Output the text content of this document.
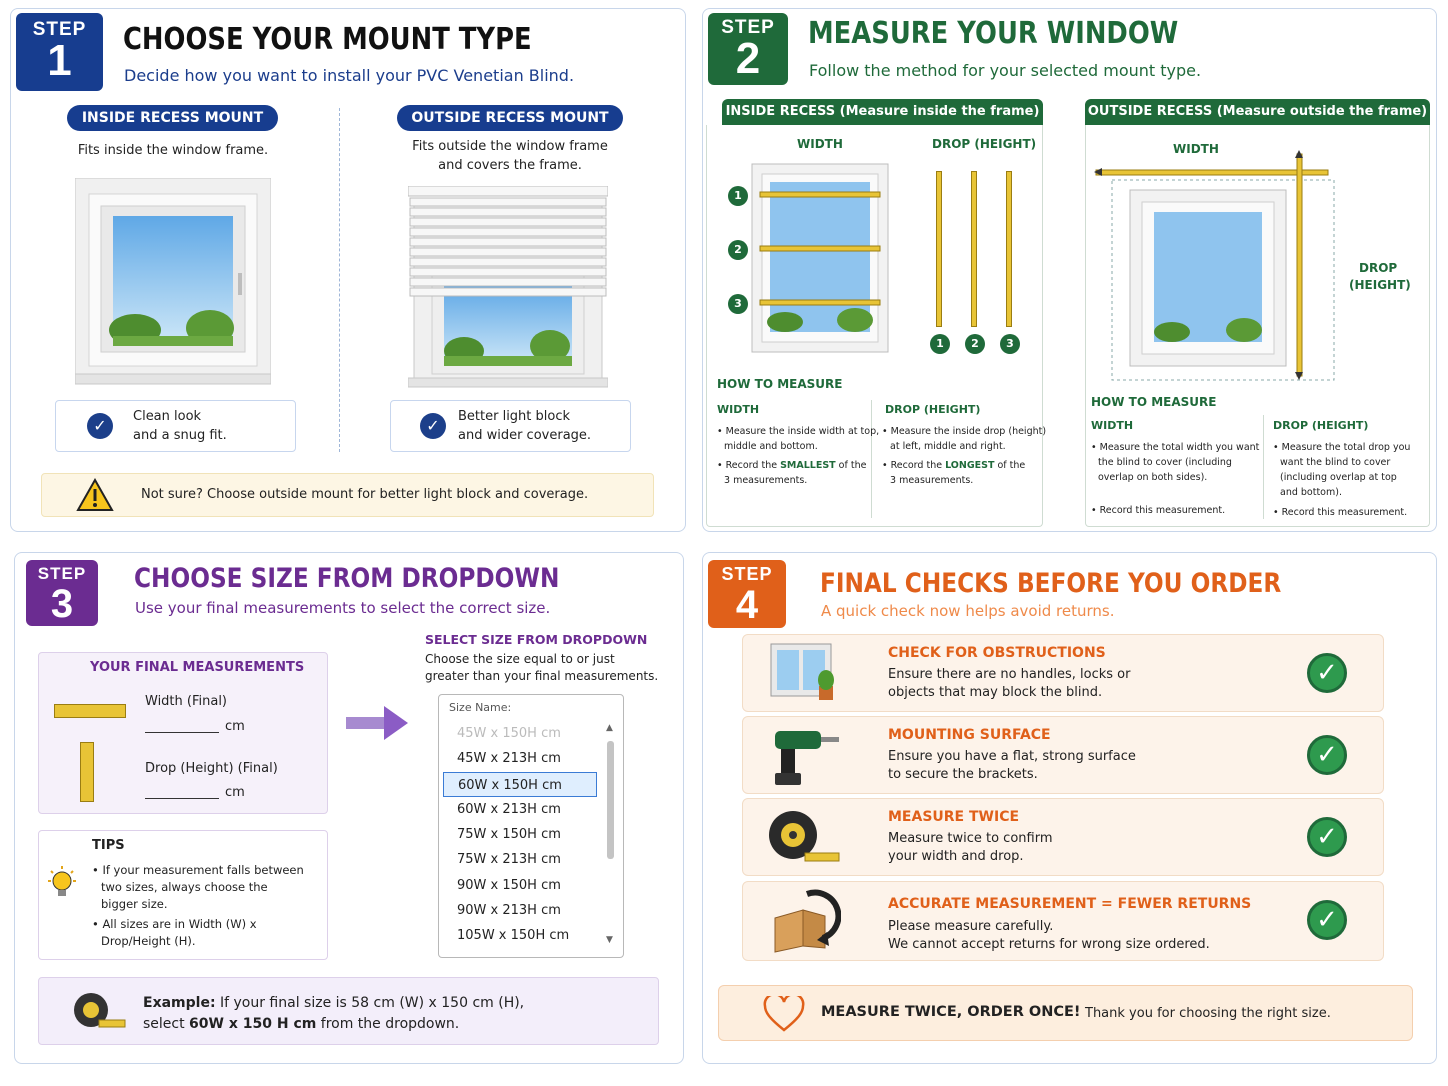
STEP
1	CHOOSE YOUR MOUNT TYPE
Decide how you want to install your PVC Venetian Blind.
INSIDE RECESS MOUNT
Fits inside the window frame.
OUTSIDE RECESS MOUNT
Fits outside the window frame
and covers the frame.
✓	Clean look
and a snug fit.
✓	Better light block
and wider coverage.
Not sure? Choose outside mount for better light block and coverage.
STEP
2
MEASURE YOUR WINDOW
Follow the method for your selected mount type.
INSIDE RECESS (Measure inside the frame)
WIDTH	DROP (HEIGHT)
1
2
3
1	2	3
HOW TO MEASURE
WIDTH	DROP (HEIGHT)
• Measure the inside width at top,
middle and bottom.
• Record the SMALLEST of the
3 measurements.
• Measure the inside drop (height)
at left, middle and right.
• Record the LONGEST of the
3 measurements.
OUTSIDE RECESS (Measure outside the frame)
WIDTH
DROP
(HEIGHT)
HOW TO MEASURE
WIDTH	DROP (HEIGHT)
• Measure the total width you want
the blind to cover (including
overlap on both sides).
• Record this measurement.
• Measure the total drop you
want the blind to cover
(including overlap at top
and bottom).
• Record this measurement.
STEP
3
CHOOSE SIZE FROM DROPDOWN
Use your final measurements to select the correct size.
YOUR FINAL MEASUREMENTS
Width (Final)
cm
Drop (Height) (Final)
cm
TIPS
• If your measurement falls between
two sizes, always choose the
bigger size.
• All sizes are in Width (W) x
Drop/Height (H).
SELECT SIZE FROM DROPDOWN
Choose the size equal to or just
greater than your final measurements.
Size Name:
45W x 150H cm
45W x 213H cm
60W x 150H cm
60W x 213H cm
75W x 150H cm
75W x 213H cm
90W x 150H cm
90W x 213H cm
105W x 150H cm
▲
▼
Example: If your final size is 58 cm (W) x 150 cm (H),
select 60W x 150 H cm from the dropdown.
STEP
4	FINAL CHECKS BEFORE YOU ORDER
A quick check now helps avoid returns.
CHECK FOR OBSTRUCTIONS
Ensure there are no handles, locks or
objects that may block the blind.
✓
MOUNTING SURFACE
Ensure you have a flat, strong surface
to secure the brackets.
✓
MEASURE TWICE
Measure twice to confirm
your width and drop.
✓
ACCURATE MEASUREMENT = FEWER RETURNS
Please measure carefully.
We cannot accept returns for wrong size ordered.
✓
MEASURE TWICE, ORDER ONCE! Thank you for choosing the right size.
